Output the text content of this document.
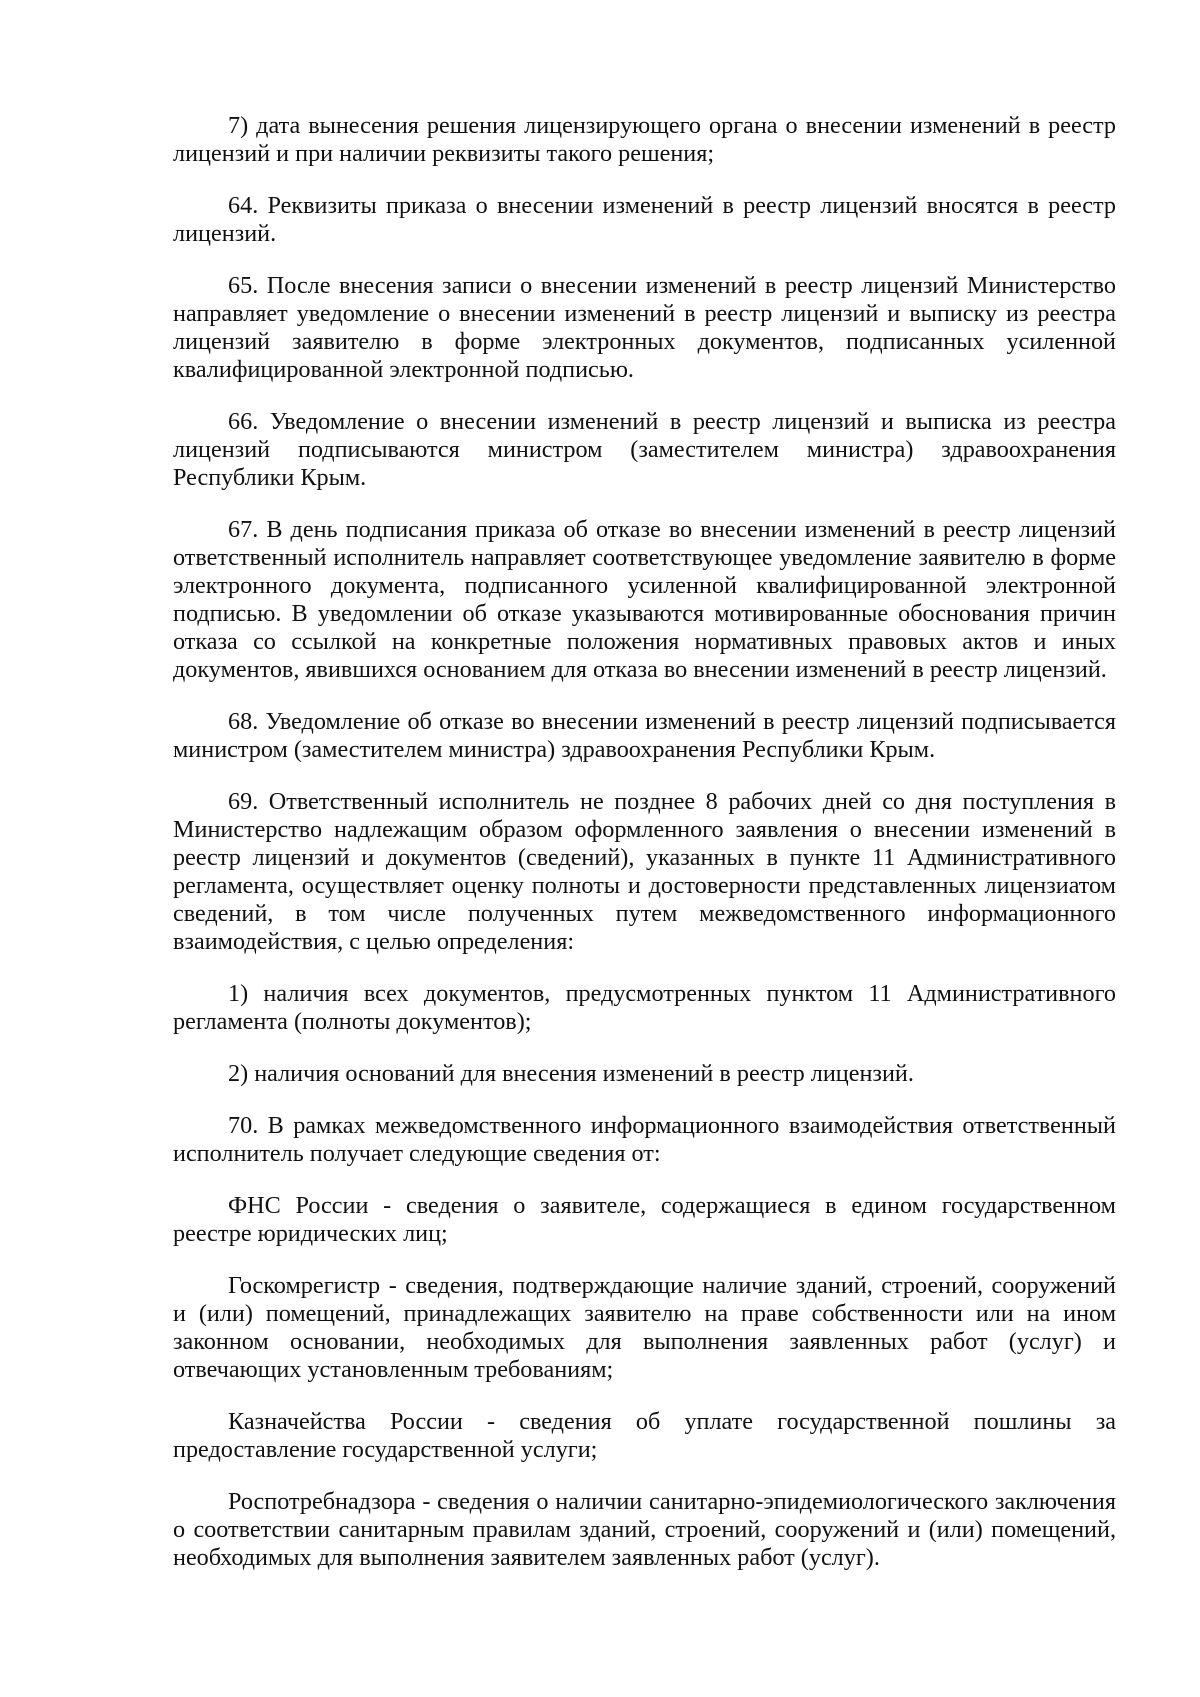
7) дата вынесения решения лицензирующего органа о внесении изменений в реестр лицензий и при наличии реквизиты такого решения;

64. Реквизиты приказа о внесении изменений в реестр лицензий вносятся в реестр лицензий.

65. После внесения записи о внесении изменений в реестр лицензий Министерство направляет уведомление о внесении изменений в реестр лицензий и выписку из реестра лицензий заявителю в форме электронных документов, подписанных усиленной квалифицированной электронной подписью.

66. Уведомление о внесении изменений в реестр лицензий и выписка из реестра лицензий подписываются министром (заместителем министра) здравоохранения Республики Крым.

67. В день подписания приказа об отказе во внесении изменений в реестр лицензий ответственный исполнитель направляет соответствующее уведомление заявителю в форме электронного документа, подписанного усиленной квалифицированной электронной подписью. В уведомлении об отказе указываются мотивированные обоснования причин отказа со ссылкой на конкретные положения нормативных правовых актов и иных документов, явившихся основанием для отказа во внесении изменений в реестр лицензий.

68. Уведомление об отказе во внесении изменений в реестр лицензий подписывается министром (заместителем министра) здравоохранения Республики Крым.

69. Ответственный исполнитель не позднее 8 рабочих дней со дня поступления в Министерство надлежащим образом оформленного заявления о внесении изменений в реестр лицензий и документов (сведений), указанных в пункте 11 Административного регламента, осуществляет оценку полноты и достоверности представленных лицензиатом сведений, в том числе полученных путем межведомственного информационного взаимодействия, с целью определения:

1) наличия всех документов, предусмотренных пунктом 11 Административного регламента (полноты документов);

2) наличия оснований для внесения изменений в реестр лицензий.

70. В рамках межведомственного информационного взаимодействия ответственный исполнитель получает следующие сведения от:

ФНС России - сведения о заявителе, содержащиеся в едином государственном реестре юридических лиц;

Госкомрегистр - сведения, подтверждающие наличие зданий, строений, сооружений и (или) помещений, принадлежащих заявителю на праве собственности или на ином законном основании, необходимых для выполнения заявленных работ (услуг) и отвечающих установленным требованиям;

Казначейства России - сведения об уплате государственной пошлины за предоставление государственной услуги;

Роспотребнадзора - сведения о наличии санитарно-эпидемиологического заключения о соответствии санитарным правилам зданий, строений, сооружений и (или) помещений, необходимых для выполнения заявителем заявленных работ (услуг).
